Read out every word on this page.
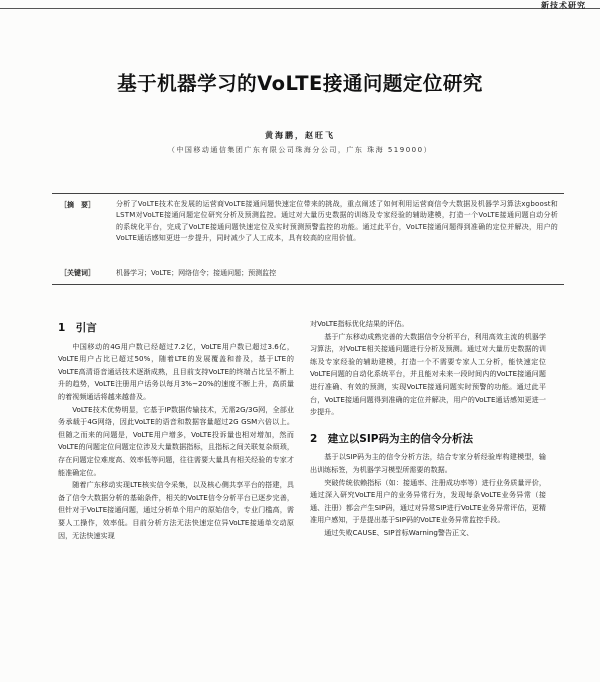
新技术研究
基于机器学习的VoLTE接通问题定位研究
黄海鹏，赵旺飞
（中国移动通信集团广东有限公司珠海分公司，广东 珠海 519000）
［摘　要］	分析了VoLTE技术在发展的运营商VoLTE接通问题快速定位带来的挑战，重点阐述了如何利用运营商信令大数据及机器学习算法xgboost和LSTM对VoLTE接通问题定位研究分析及预测监控。通过对大量历史数据的训练及专家经验的辅助建模，打造一个VoLTE接通问题自动分析的系统化平台，完成了VoLTE接通问题快速定位及实时预测预警监控的功能。通过此平台，VoLTE接通问题得到准确的定位并解决，用户的VoLTE通话感知更进一步提升，同时减少了人工成本，具有较高的应用价值。
［关键词］	机器学习；VoLTE；网络信令；接通问题；预测监控
1　引言

中国移动的4G用户数已经超过7.2亿，VoLTE用户数已超过3.6亿，VoLTE用户占比已超过50%，随着LTE的发展覆盖和普及，基于LTE的VoLTE高清语音通话技术逐渐成熟，且目前支持VoLTE的终端占比呈不断上升的趋势，VoLTE注册用户话务以每月3%~20%的速度不断上升，高质量的着视频通话将越来越普及。

VoLTE技术优势明显，它基于IP数据传输技术，无需2G/3G网，全部业务承载于4G网络，因此VoLTE的语音和数据容量超过2G GSM六倍以上。但随之而来的问题是，VoLTE用户增多，VoLTE投诉量也相对增加，然而VoLTE的问题定位问题定位涉及大量数据指标，且指标之间关联复杂烦琐，存在问题定位难度高、效率低等问题，往往需要大量具有相关经验的专家才能准确定位。

随着广东移动实现LTE核实信令采集，以及核心侧共享平台的搭建，具备了信令大数据分析的基础条件，相关的VoLTE信令分析平台已逐步完善，但针对于VoLTE接通问题，通过分析单个用户的原始信令，专业门槛高，需要人工操作，效率低。目前分析方法无法快速定位异VoLTE接通单交动原因，无法快速实现

对VoLTE指标优化结果的评估。

基于广东移动成熟完善的大数据信令分析平台，利用高效主流的机器学习算法，对VoLTE相关接通问题进行分析及预测。通过对大量历史数据的训练及专家经验的辅助建模，打造一个不需要专家人工分析，能快速定位VoLTE问题的自动化系统平台，并且能对未来一段时间内的VoLTE接通问题进行准确、有效的预测，实现VoLTE接通问题实时预警的功能。通过此平台，VoLTE接通问题得到准确的定位并解决，用户的VoLTE通话感知更进一步提升。

2　建立以SIP码为主的信令分析法

基于以SIP码为主的信令分析方法，结合专家分析经验库构建模型，输出训练标签，为机器学习模型所需要的数据。

突破传统依赖指标（如：接通率、注册成功率等）进行业务质量评价，通过深入研究VoLTE用户的业务异常行为，发现每条VoLTE业务异常（接通、注册）都会产生SIP码，通过对异常SIP进行VoLTE业务异常评估，更精准用户感知，于是提出基于SIP码的VoLTE业务异常监控手段。

通过失败CAUSE、SIP首标Warning警告正文、
